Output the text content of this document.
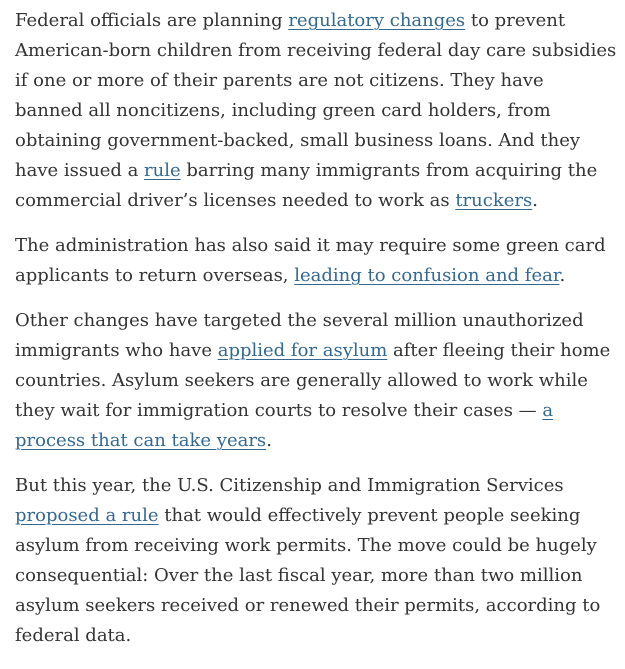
Federal officials are planning regulatory changes to prevent American-born children from receiving federal day care subsidies if one or more of their parents are not citizens. They have banned all noncitizens, including green card holders, from obtaining government-backed, small business loans. And they have issued a rule barring many immigrants from acquiring the commercial driver’s licenses needed to work as truckers.

The administration has also said it may require some green card applicants to return overseas, leading to confusion and fear.

Other changes have targeted the several million unauthorized immigrants who have applied for asylum after fleeing their home countries. Asylum seekers are generally allowed to work while they wait for immigration courts to resolve their cases — a process that can take years.

But this year, the U.S. Citizenship and Immigration Services proposed a rule that would effectively prevent people seeking asylum from receiving work permits. The move could be hugely consequential: Over the last fiscal year, more than two million asylum seekers received or renewed their permits, according to federal data.
